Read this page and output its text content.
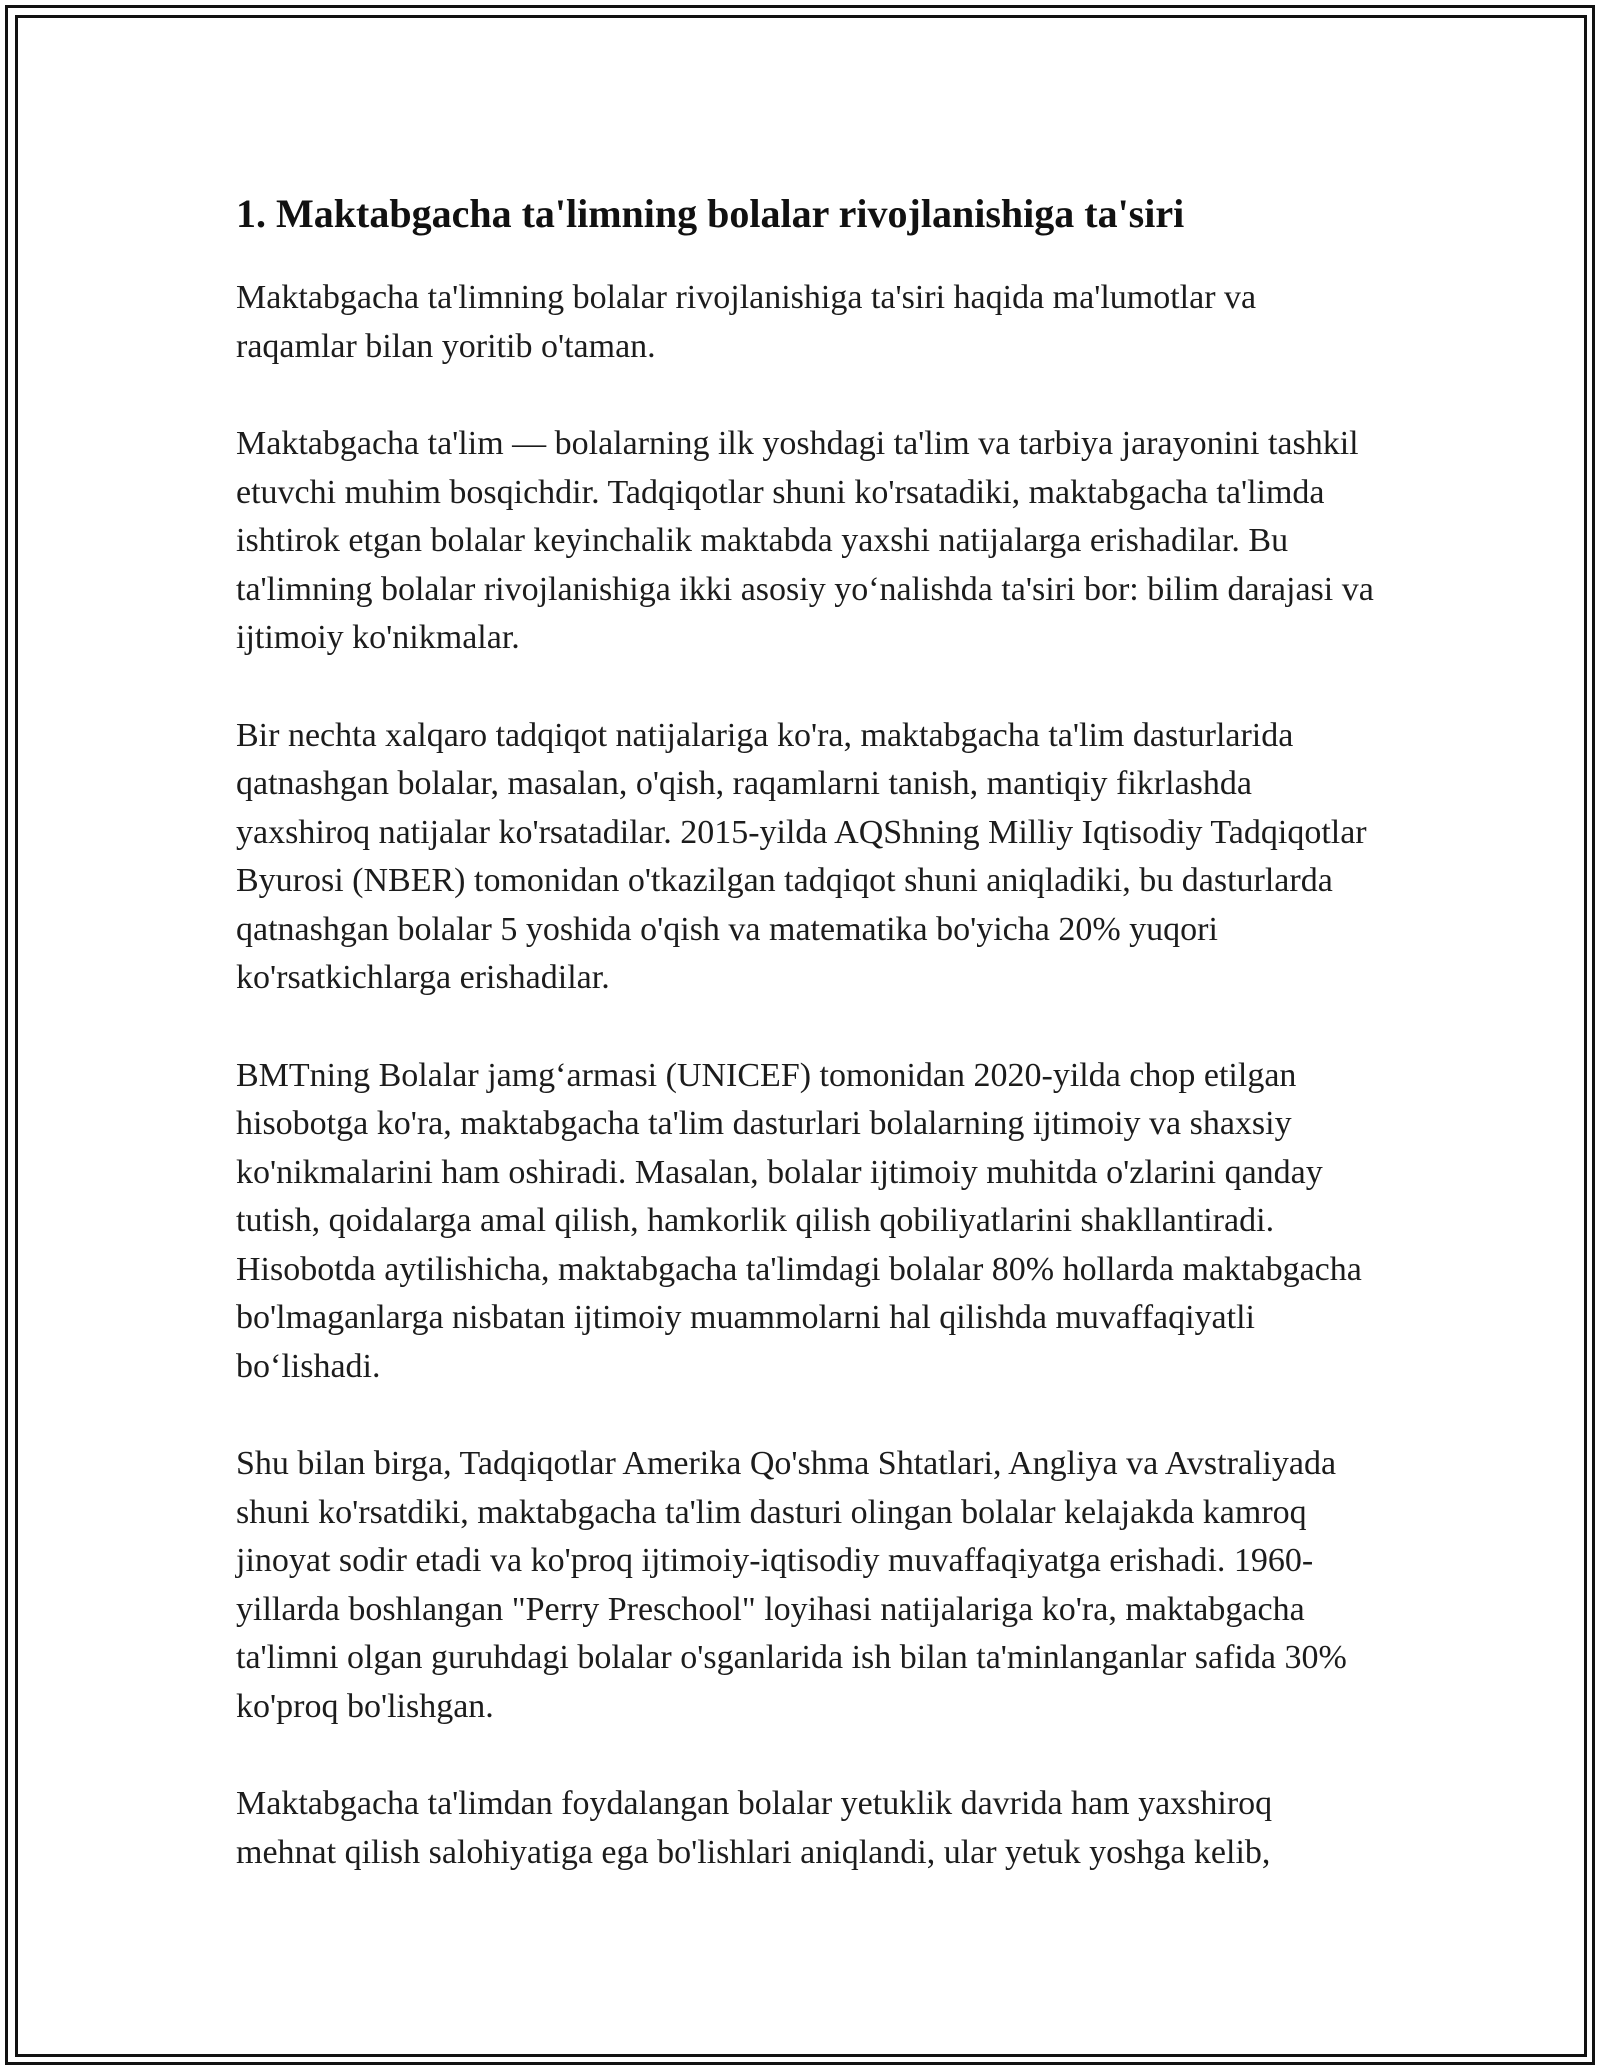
1. Maktabgacha ta'limning bolalar rivojlanishiga ta'siri

Maktabgacha ta'limning bolalar rivojlanishiga ta'siri haqida ma'lumotlar va raqamlar bilan yoritib o'taman.

Maktabgacha ta'lim — bolalarning ilk yoshdagi ta'lim va tarbiya jarayonini tashkil etuvchi muhim bosqichdir. Tadqiqotlar shuni ko'rsatadiki, maktabgacha ta'limda ishtirok etgan bolalar keyinchalik maktabda yaxshi natijalarga erishadilar. Bu ta'limning bolalar rivojlanishiga ikki asosiy yo‘nalishda ta'siri bor: bilim darajasi va ijtimoiy ko'nikmalar.

Bir nechta xalqaro tadqiqot natijalariga ko'ra, maktabgacha ta'lim dasturlarida qatnashgan bolalar, masalan, o'qish, raqamlarni tanish, mantiqiy fikrlashda yaxshiroq natijalar ko'rsatadilar. 2015-yilda AQShning Milliy Iqtisodiy Tadqiqotlar Byurosi (NBER) tomonidan o'tkazilgan tadqiqot shuni aniqladiki, bu dasturlarda qatnashgan bolalar 5 yoshida o'qish va matematika bo'yicha 20% yuqori ko'rsatkichlarga erishadilar.

BMTning Bolalar jamg‘armasi (UNICEF) tomonidan 2020-yilda chop etilgan hisobotga ko'ra, maktabgacha ta'lim dasturlari bolalarning ijtimoiy va shaxsiy ko'nikmalarini ham oshiradi. Masalan, bolalar ijtimoiy muhitda o'zlarini qanday tutish, qoidalarga amal qilish, hamkorlik qilish qobiliyatlarini shakllantiradi. Hisobotda aytilishicha, maktabgacha ta'limdagi bolalar 80% hollarda maktabgacha bo'lmaganlarga nisbatan ijtimoiy muammolarni hal qilishda muvaffaqiyatli bo‘lishadi.

Shu bilan birga, Tadqiqotlar Amerika Qo'shma Shtatlari, Angliya va Avstraliyada shuni ko'rsatdiki, maktabgacha ta'lim dasturi olingan bolalar kelajakda kamroq jinoyat sodir etadi va ko'proq ijtimoiy-iqtisodiy muvaffaqiyatga erishadi. 1960-yillarda boshlangan "Perry Preschool" loyihasi natijalariga ko'ra, maktabgacha ta'limni olgan guruhdagi bolalar o'sganlarida ish bilan ta'minlanganlar safida 30% ko'proq bo'lishgan.

Maktabgacha ta'limdan foydalangan bolalar yetuklik davrida ham yaxshiroq mehnat qilish salohiyatiga ega bo'lishlari aniqlandi, ular yetuk yoshga kelib,
